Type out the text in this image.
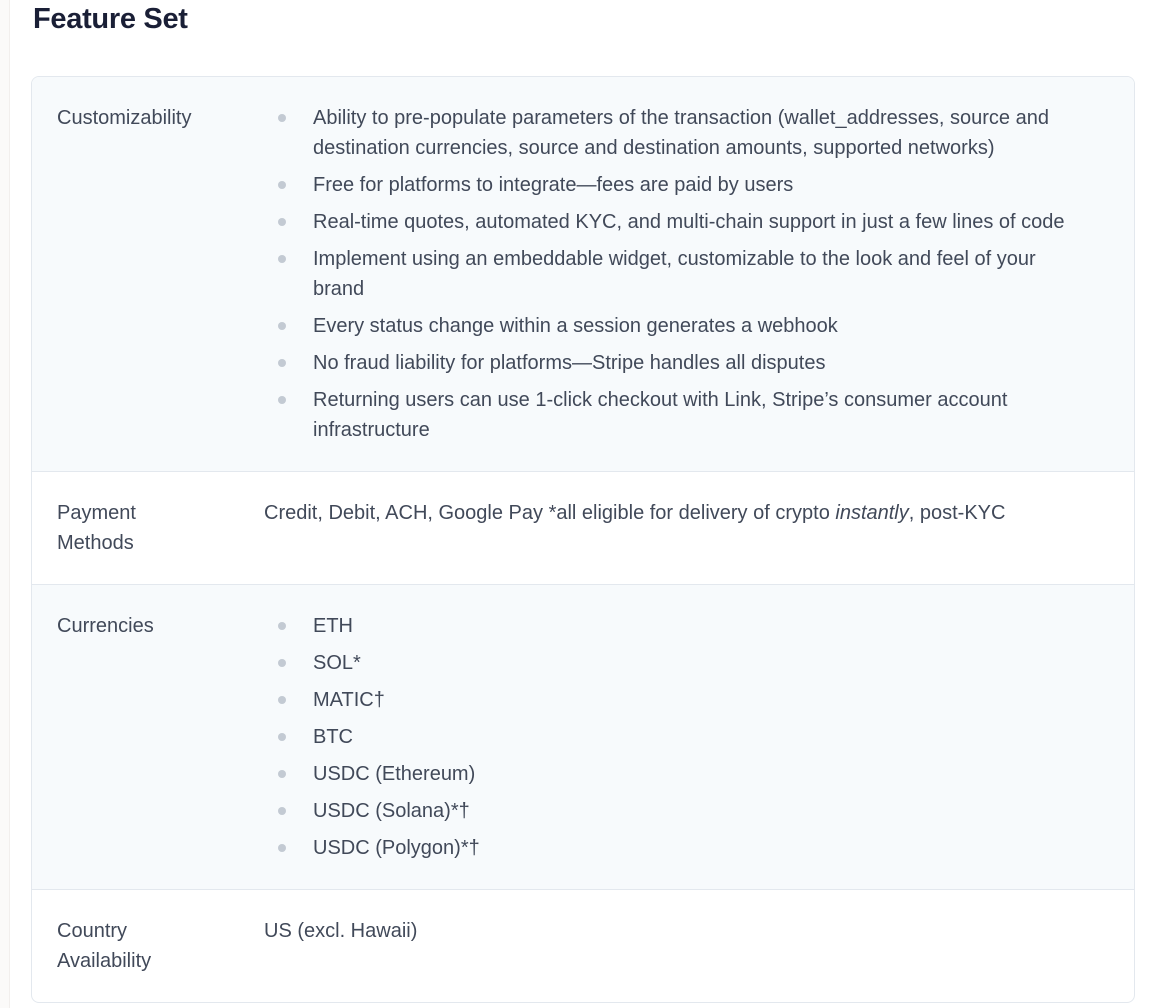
Feature Set
Customizability	Ability to pre-populate parameters of the transaction (wallet_addresses, source and destination currencies, source and destination amounts, supported networks)
Free for platforms to integrate—fees are paid by users
Real-time quotes, automated KYC, and multi-chain support in just a few lines of code
Implement using an embeddable widget, customizable to the look and feel of your brand
Every status change within a session generates a webhook
No fraud liability for platforms—Stripe handles all disputes
Returning users can use 1-click checkout with Link, Stripe’s consumer account infrastructure
Payment Methods

Credit, Debit, ACH, Google Pay *all eligible for delivery of crypto instantly, post-KYC

Currencies	ETH
SOL*
MATIC†
BTC
USDC (Ethereum)
USDC (Solana)*†
USDC (Polygon)*†
Country Availability

US (excl. Hawaii)
